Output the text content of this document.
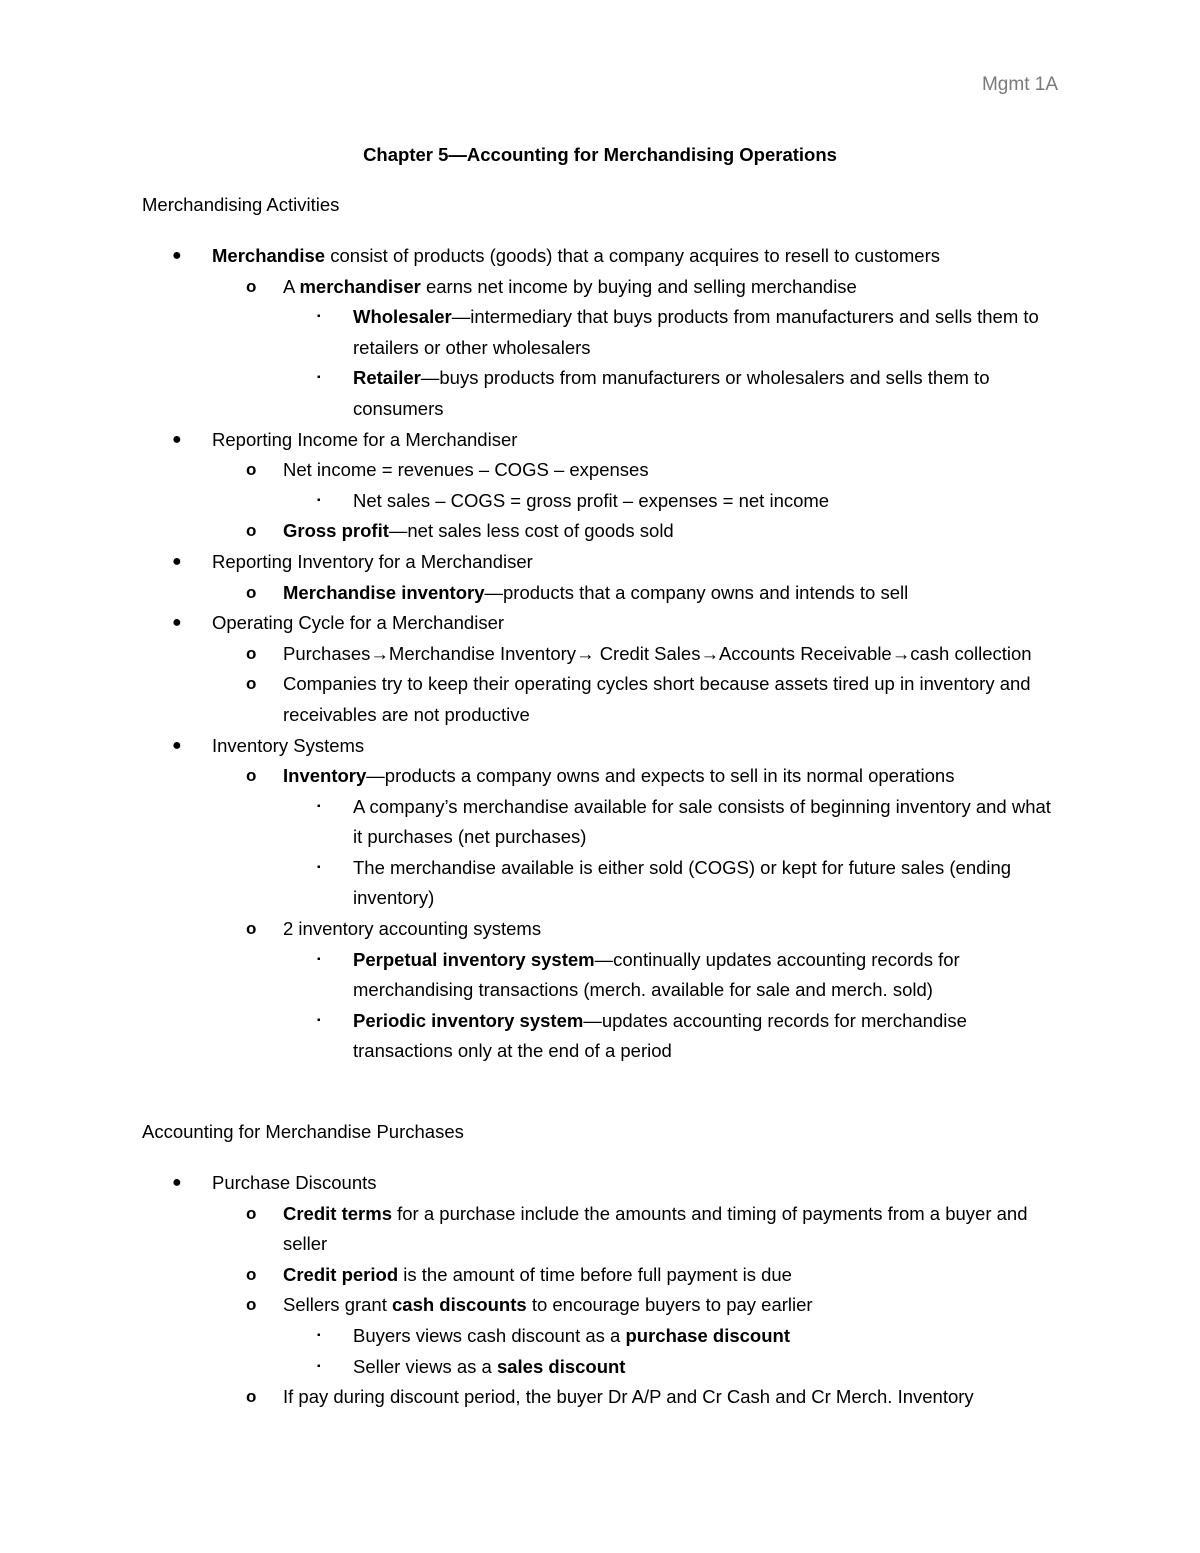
Mgmt 1A
Chapter 5—Accounting for Merchandising Operations

Merchandising Activities

● Merchandise consist of products (goods) that a company acquires to resell to customers
o A merchandiser earns net income by buying and selling merchandise
▪ Wholesaler—intermediary that buys products from manufacturers and sells them to retailers or other wholesalers
▪ Retailer—buys products from manufacturers or wholesalers and sells them to consumers
● Reporting Income for a Merchandiser
o Net income = revenues – COGS – expenses
▪ Net sales – COGS = gross profit – expenses = net income
o Gross profit—net sales less cost of goods sold
● Reporting Inventory for a Merchandiser
o Merchandise inventory—products that a company owns and intends to sell
● Operating Cycle for a Merchandiser
o Purchases→Merchandise Inventory→ Credit Sales→Accounts Receivable→cash collection
o Companies try to keep their operating cycles short because assets tired up in inventory and receivables are not productive
● Inventory Systems
o Inventory—products a company owns and expects to sell in its normal operations
▪ A company’s merchandise available for sale consists of beginning inventory and what it purchases (net purchases)
▪ The merchandise available is either sold (COGS) or kept for future sales (ending inventory)
o 2 inventory accounting systems
▪ Perpetual inventory system—continually updates accounting records for merchandising transactions (merch. available for sale and merch. sold)
▪ Periodic inventory system—updates accounting records for merchandise transactions only at the end of a period

Accounting for Merchandise Purchases

● Purchase Discounts
o Credit terms for a purchase include the amounts and timing of payments from a buyer and seller
o Credit period is the amount of time before full payment is due
o Sellers grant cash discounts to encourage buyers to pay earlier
▪ Buyers views cash discount as a purchase discount
▪ Seller views as a sales discount
o If pay during discount period, the buyer Dr A/P and Cr Cash and Cr Merch. Inventory
